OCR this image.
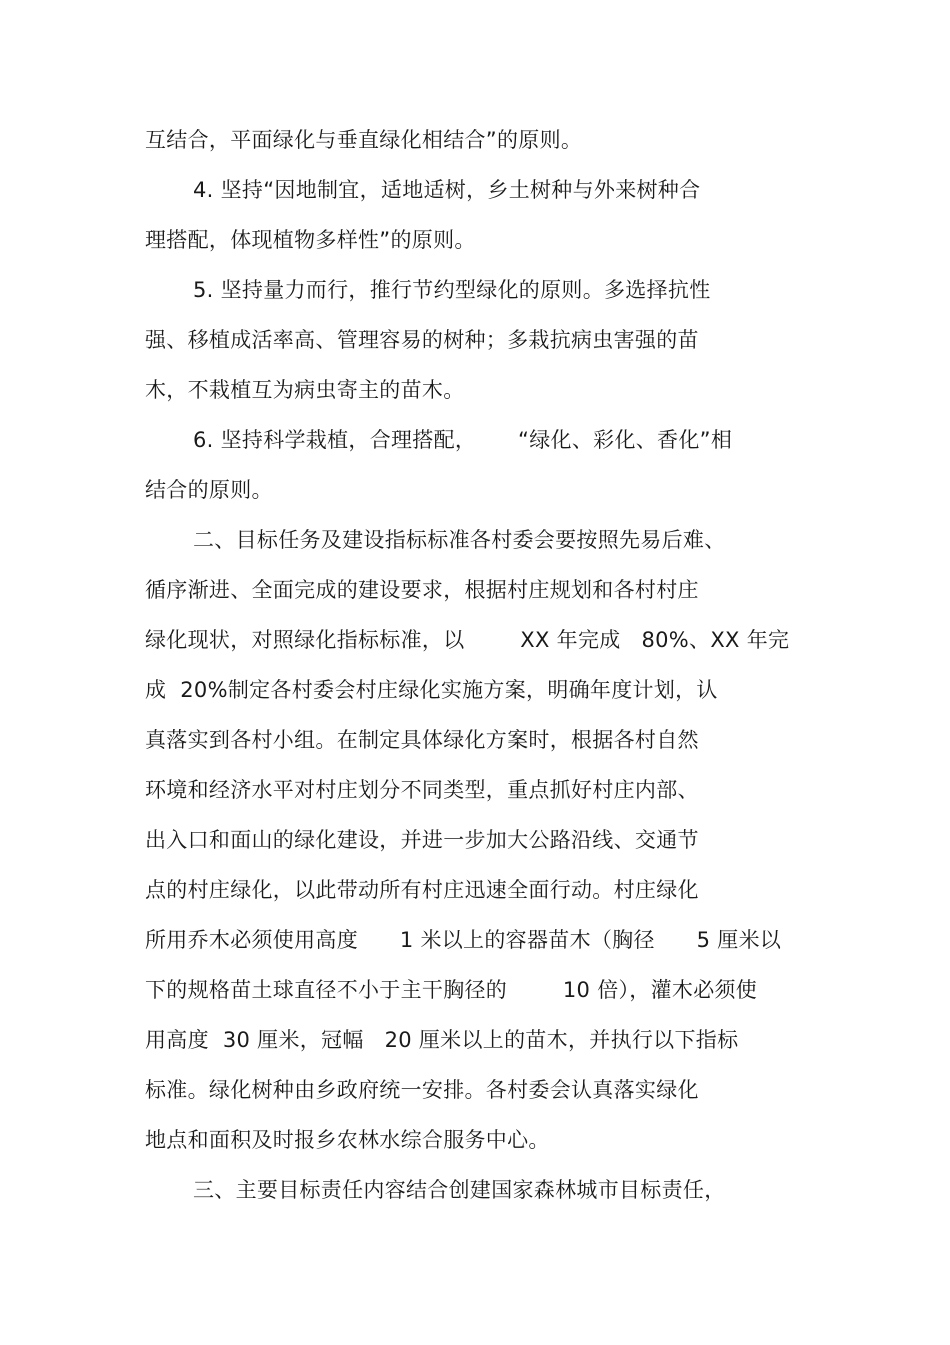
互结合，平面绿化与垂直绿化相结合”的原则。
4. 坚持“因地制宜，适地适树，乡土树种与外来树种合
理搭配，体现植物多样性”的原则。
5. 坚持量力而行，推行节约型绿化的原则。多选择抗性
强、移植成活率高、管理容易的树种；多栽抗病虫害强的苗
木，不栽植互为病虫寄主的苗木。
6. 坚持科学栽植，合理搭配，      “绿化、彩化、香化”相
结合的原则。
二、目标任务及建设指标标准各村委会要按照先易后难、
循序渐进、全面完成的建设要求，根据村庄规划和各村村庄
绿化现状，对照绿化指标标准，以        XX 年完成   80%、XX 年完
成  20%制定各村委会村庄绿化实施方案，明确年度计划，认
真落实到各村小组。在制定具体绿化方案时，根据各村自然
环境和经济水平对村庄划分不同类型，重点抓好村庄内部、
出入口和面山的绿化建设，并进一步加大公路沿线、交通节
点的村庄绿化，以此带动所有村庄迅速全面行动。村庄绿化
所用乔木必须使用高度      1 米以上的容器苗木（胸径      5 厘米以
下的规格苗土球直径不小于主干胸径的        10 倍），灌木必须使
用高度  30 厘米，冠幅   20 厘米以上的苗木，并执行以下指标
标准。绿化树种由乡政府统一安排。各村委会认真落实绿化
地点和面积及时报乡农林水综合服务中心。
三、主要目标责任内容结合创建国家森林城市目标责任，
